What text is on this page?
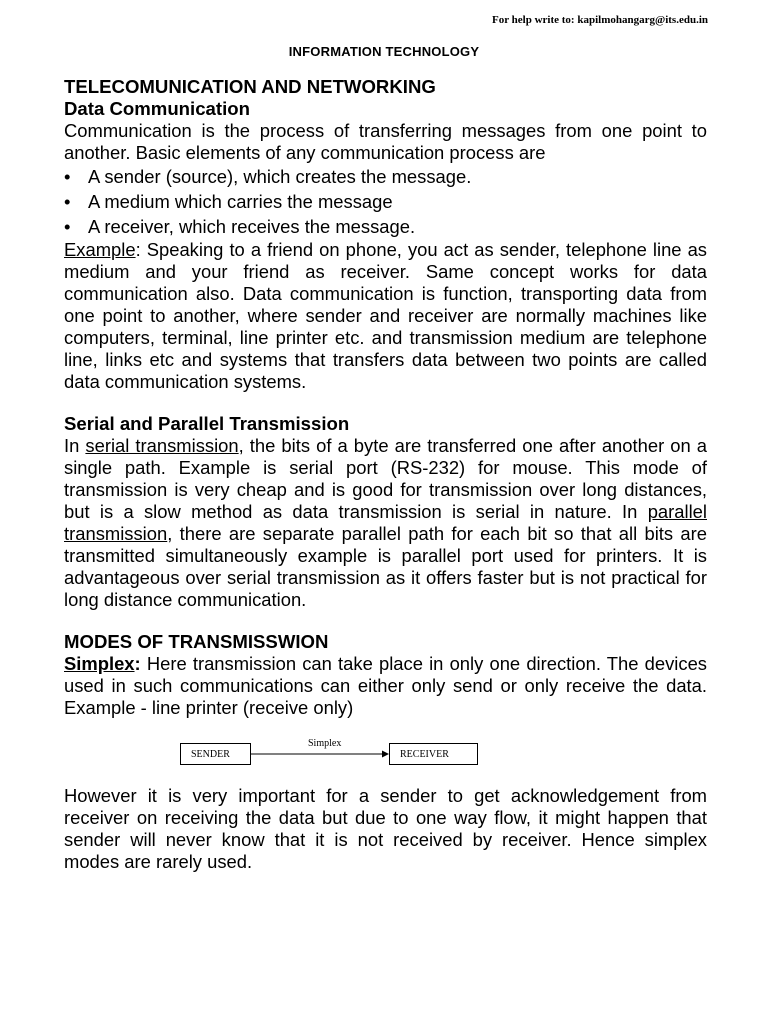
For help write to: kapilmohangarg@its.edu.in
INFORMATION TECHNOLOGY
TELECOMUNICATION AND NETWORKING
Data Communication

Communication is the process of transferring messages from one point to another. Basic elements of any communication process are

• A sender (source), which creates the message.
• A medium which carries the message
• A receiver, which receives the message.

Example: Speaking to a friend on phone, you act as sender, telephone line as medium and your friend as receiver. Same concept works for data communication also. Data communication is function, transporting data from one point to another, where sender and receiver are normally machines like computers, terminal, line printer etc. and transmission medium are telephone line, links etc and systems that transfers data between two points are called data communication systems.

Serial and Parallel Transmission

In serial transmission, the bits of a byte are transferred one after another on a single path. Example is serial port (RS-232) for mouse. This mode of transmission is very cheap and is good for transmission over long distances, but is a slow method as data transmission is serial in nature. In parallel transmission, there are separate parallel path for each bit so that all bits are transmitted simultaneously example is parallel port used for printers. It is advantageous over serial transmission as it offers faster but is not practical for long distance communication.

MODES OF TRANSMISSWION

Simplex: Here transmission can take place in only one direction. The devices used in such communications can either only send or only receive the data. Example - line printer (receive only)

SENDER
Simplex
RECEIVER

However it is very important for a sender to get acknowledgement from receiver on receiving the data but due to one way flow, it might happen that sender will never know that it is not received by receiver. Hence simplex modes are rarely used.
